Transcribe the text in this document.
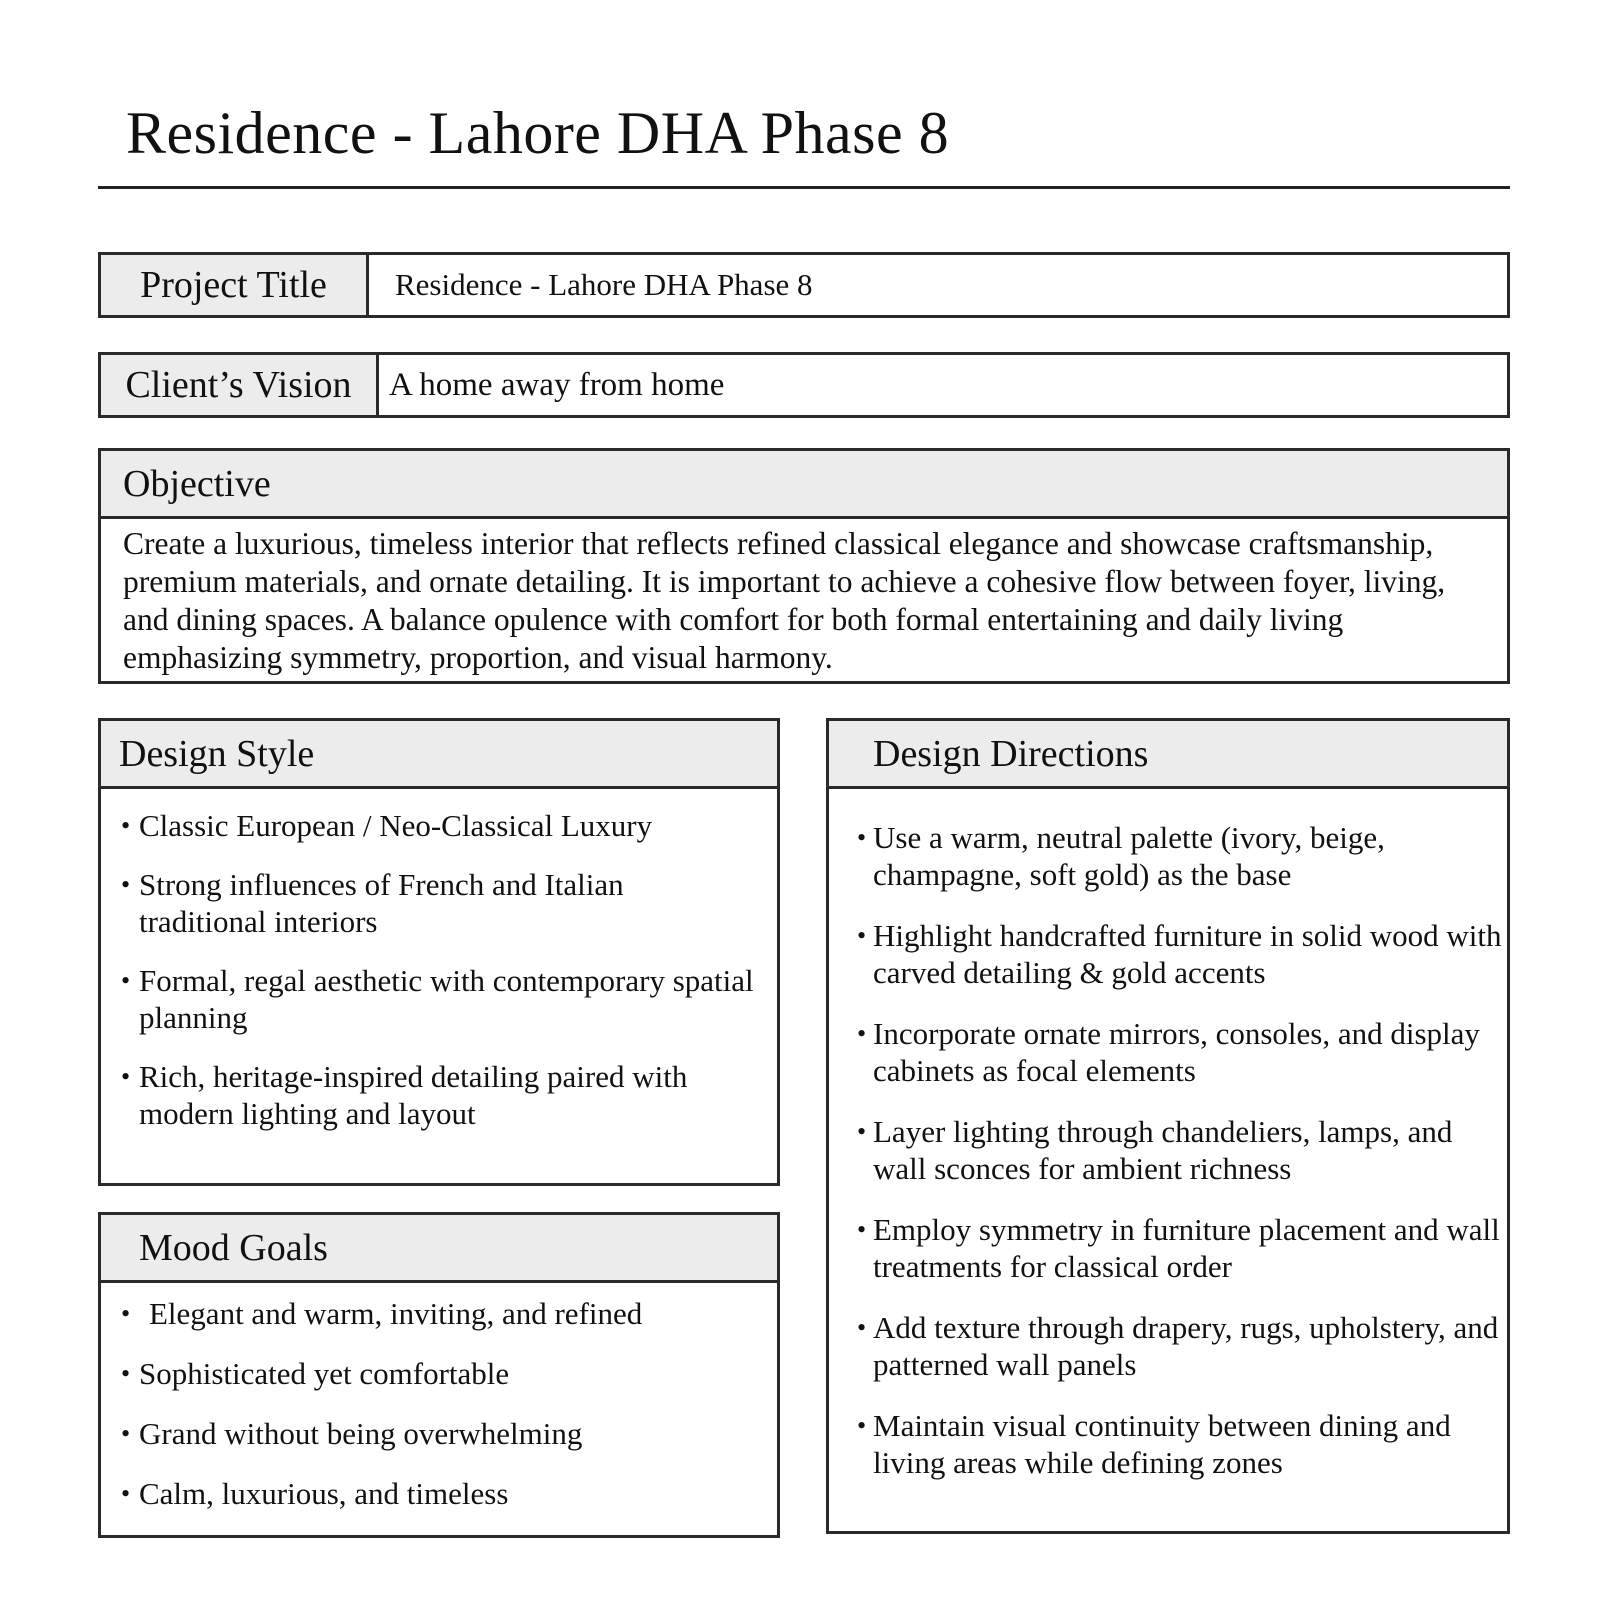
Residence - Lahore DHA Phase 8
Project Title	Residence - Lahore DHA Phase 8
Client’s Vision	A home away from home
Objective
Create a luxurious, timeless interior that reflects refined classical elegance and showcase craftsmanship, premium materials, and ornate detailing. It is important to achieve a cohesive flow between foyer, living, and dining spaces. A balance opulence with comfort for both formal entertaining and daily living emphasizing symmetry, proportion, and visual harmony.
Design Style
• Classic European / Neo-Classical Luxury
• Strong influences of French and Italian traditional interiors
• Formal, regal aesthetic with contemporary spatial planning
• Rich, heritage-inspired detailing paired with modern lighting and layout
Mood Goals
• Elegant and warm, inviting, and refined
• Sophisticated yet comfortable
• Grand without being overwhelming
• Calm, luxurious, and timeless
Design Directions
• Use a warm, neutral palette (ivory, beige, champagne, soft gold) as the base
• Highlight handcrafted furniture in solid wood with carved detailing & gold accents
• Incorporate ornate mirrors, consoles, and display cabinets as focal elements
• Layer lighting through chandeliers, lamps, and wall sconces for ambient richness
• Employ symmetry in furniture placement and wall treatments for classical order
• Add texture through drapery, rugs, upholstery, and patterned wall panels
• Maintain visual continuity between dining and living areas while defining zones
